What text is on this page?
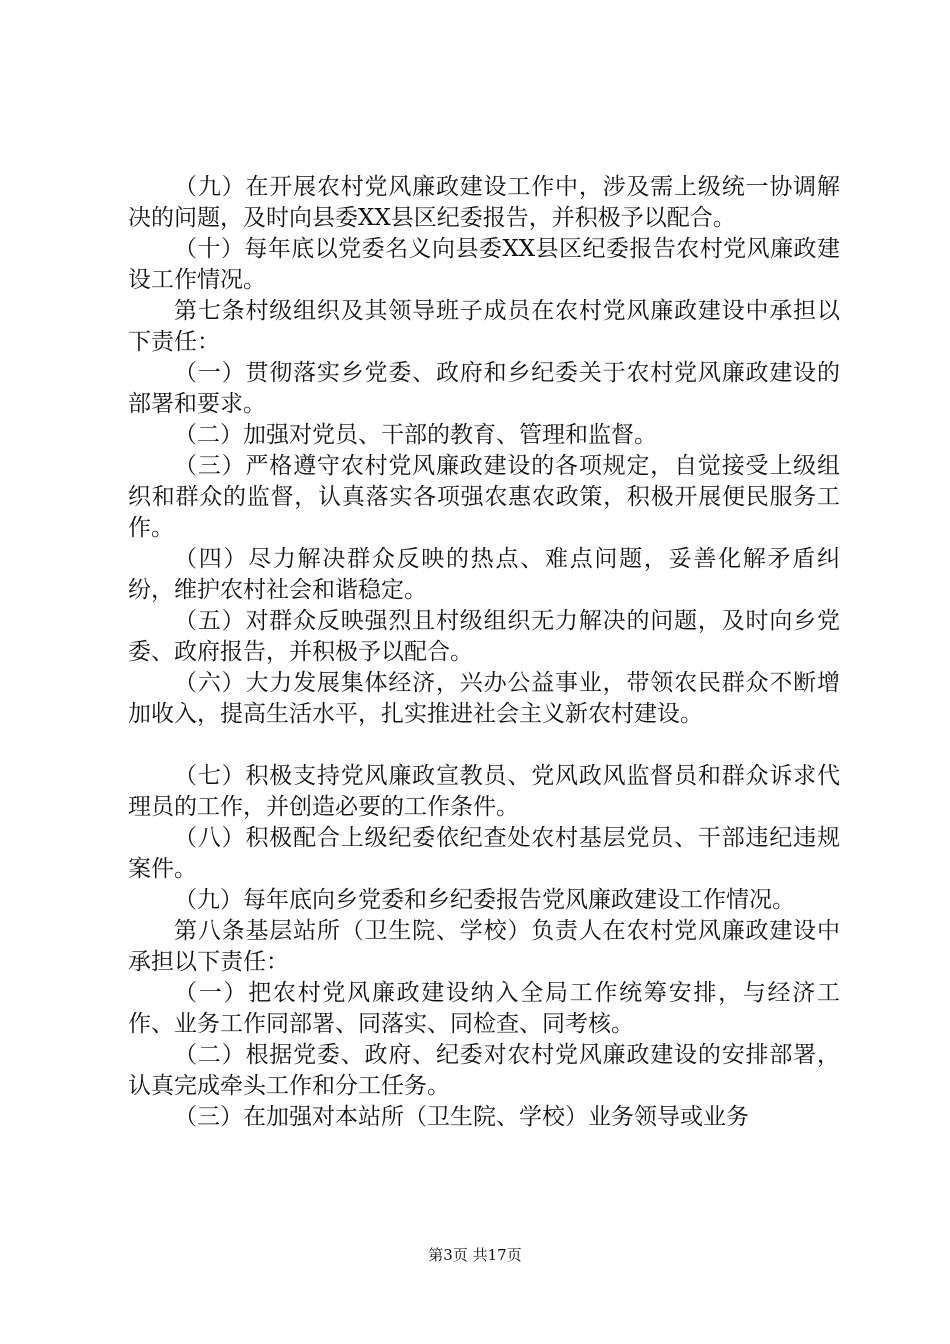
（九）在开展农村党风廉政建设工作中，涉及需上级统一协调解决的问题，及时向县委XX县区纪委报告，并积极予以配合。

（十）每年底以党委名义向县委XX县区纪委报告农村党风廉政建设工作情况。

第七条村级组织及其领导班子成员在农村党风廉政建设中承担以下责任：

（一）贯彻落实乡党委、政府和乡纪委关于农村党风廉政建设的部署和要求。

（二）加强对党员、干部的教育、管理和监督。

（三）严格遵守农村党风廉政建设的各项规定，自觉接受上级组织和群众的监督，认真落实各项强农惠农政策，积极开展便民服务工作。

（四）尽力解决群众反映的热点、难点问题，妥善化解矛盾纠纷，维护农村社会和谐稳定。

（五）对群众反映强烈且村级组织无力解决的问题，及时向乡党委、政府报告，并积极予以配合。

（六）大力发展集体经济，兴办公益事业，带领农民群众不断增加收入，提高生活水平，扎实推进社会主义新农村建设。

（七）积极支持党风廉政宣教员、党风政风监督员和群众诉求代理员的工作，并创造必要的工作条件。

（八）积极配合上级纪委依纪查处农村基层党员、干部违纪违规案件。

（九）每年底向乡党委和乡纪委报告党风廉政建设工作情况。

第八条基层站所（卫生院、学校）负责人在农村党风廉政建设中承担以下责任：

（一）把农村党风廉政建设纳入全局工作统筹安排，与经济工作、业务工作同部署、同落实、同检查、同考核。

（二）根据党委、政府、纪委对农村党风廉政建设的安排部署，认真完成牵头工作和分工任务。

（三）在加强对本站所（卫生院、学校）业务领导或业务

第3页 共17页
